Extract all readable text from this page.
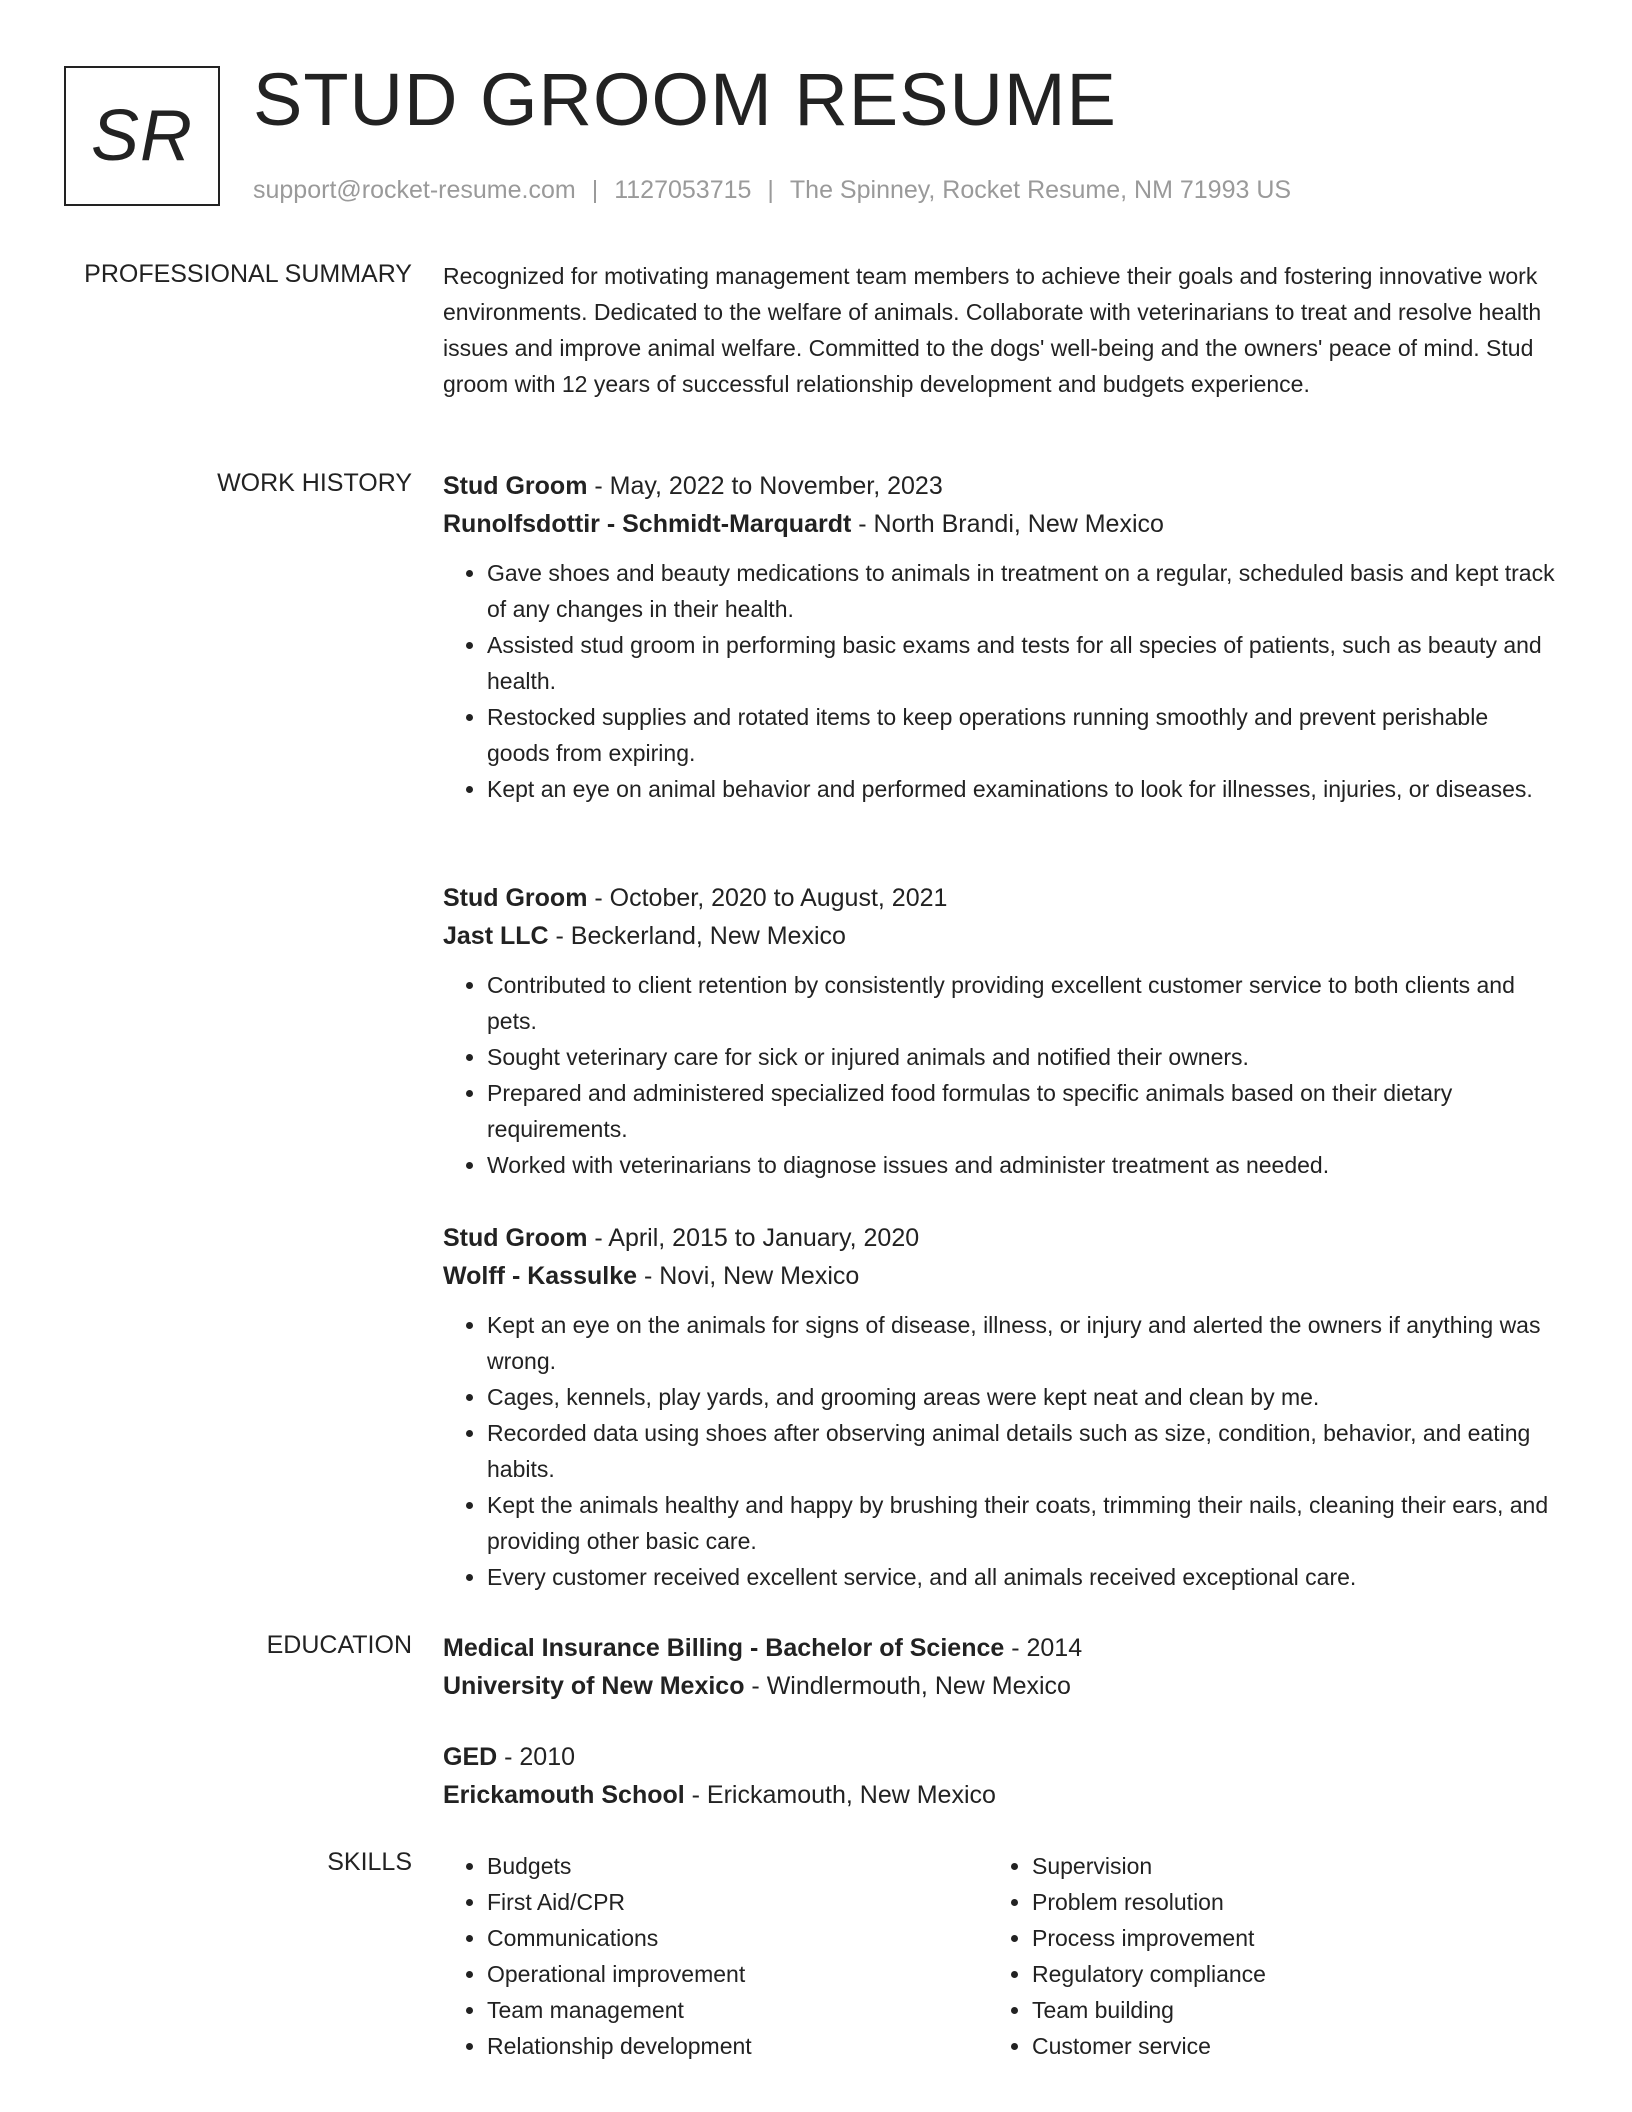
SR STUD GROOM RESUME
support@rocket-resume.com | 1127053715 | The Spinney, Rocket Resume, NM 71993 US
PROFESSIONAL SUMMARY Recognized for motivating management team members to achieve their goals and fostering innovative work environments. Dedicated to the welfare of animals. Collaborate with veterinarians to treat and resolve health issues and improve animal welfare. Committed to the dogs' well-being and the owners' peace of mind. Stud groom with 12 years of successful relationship development and budgets experience.
WORK HISTORY Stud Groom - May, 2022 to November, 2023
Runolfsdottir - Schmidt-Marquardt - North Brandi, New Mexico
• Gave shoes and beauty medications to animals in treatment on a regular, scheduled basis and kept track of any changes in their health.
• Assisted stud groom in performing basic exams and tests for all species of patients, such as beauty and health.
• Restocked supplies and rotated items to keep operations running smoothly and prevent perishable goods from expiring.
• Kept an eye on animal behavior and performed examinations to look for illnesses, injuries, or diseases.
Stud Groom - October, 2020 to August, 2021
Jast LLC - Beckerland, New Mexico
• Contributed to client retention by consistently providing excellent customer service to both clients and pets.
• Sought veterinary care for sick or injured animals and notified their owners.
• Prepared and administered specialized food formulas to specific animals based on their dietary requirements.
• Worked with veterinarians to diagnose issues and administer treatment as needed.
Stud Groom - April, 2015 to January, 2020
Wolff - Kassulke - Novi, New Mexico
• Kept an eye on the animals for signs of disease, illness, or injury and alerted the owners if anything was wrong.
• Cages, kennels, play yards, and grooming areas were kept neat and clean by me.
• Recorded data using shoes after observing animal details such as size, condition, behavior, and eating habits.
• Kept the animals healthy and happy by brushing their coats, trimming their nails, cleaning their ears, and providing other basic care.
• Every customer received excellent service, and all animals received exceptional care.
EDUCATION Medical Insurance Billing - Bachelor of Science - 2014
University of New Mexico - Windlermouth, New Mexico
GED - 2010
Erickamouth School - Erickamouth, New Mexico
SKILLS
•	Budgets
• First Aid/CPR
• Communications
• Operational improvement
• Team management
• Relationship development
• Supervision
• Problem resolution
• Process improvement
• Regulatory compliance
• Team building
• Customer service
